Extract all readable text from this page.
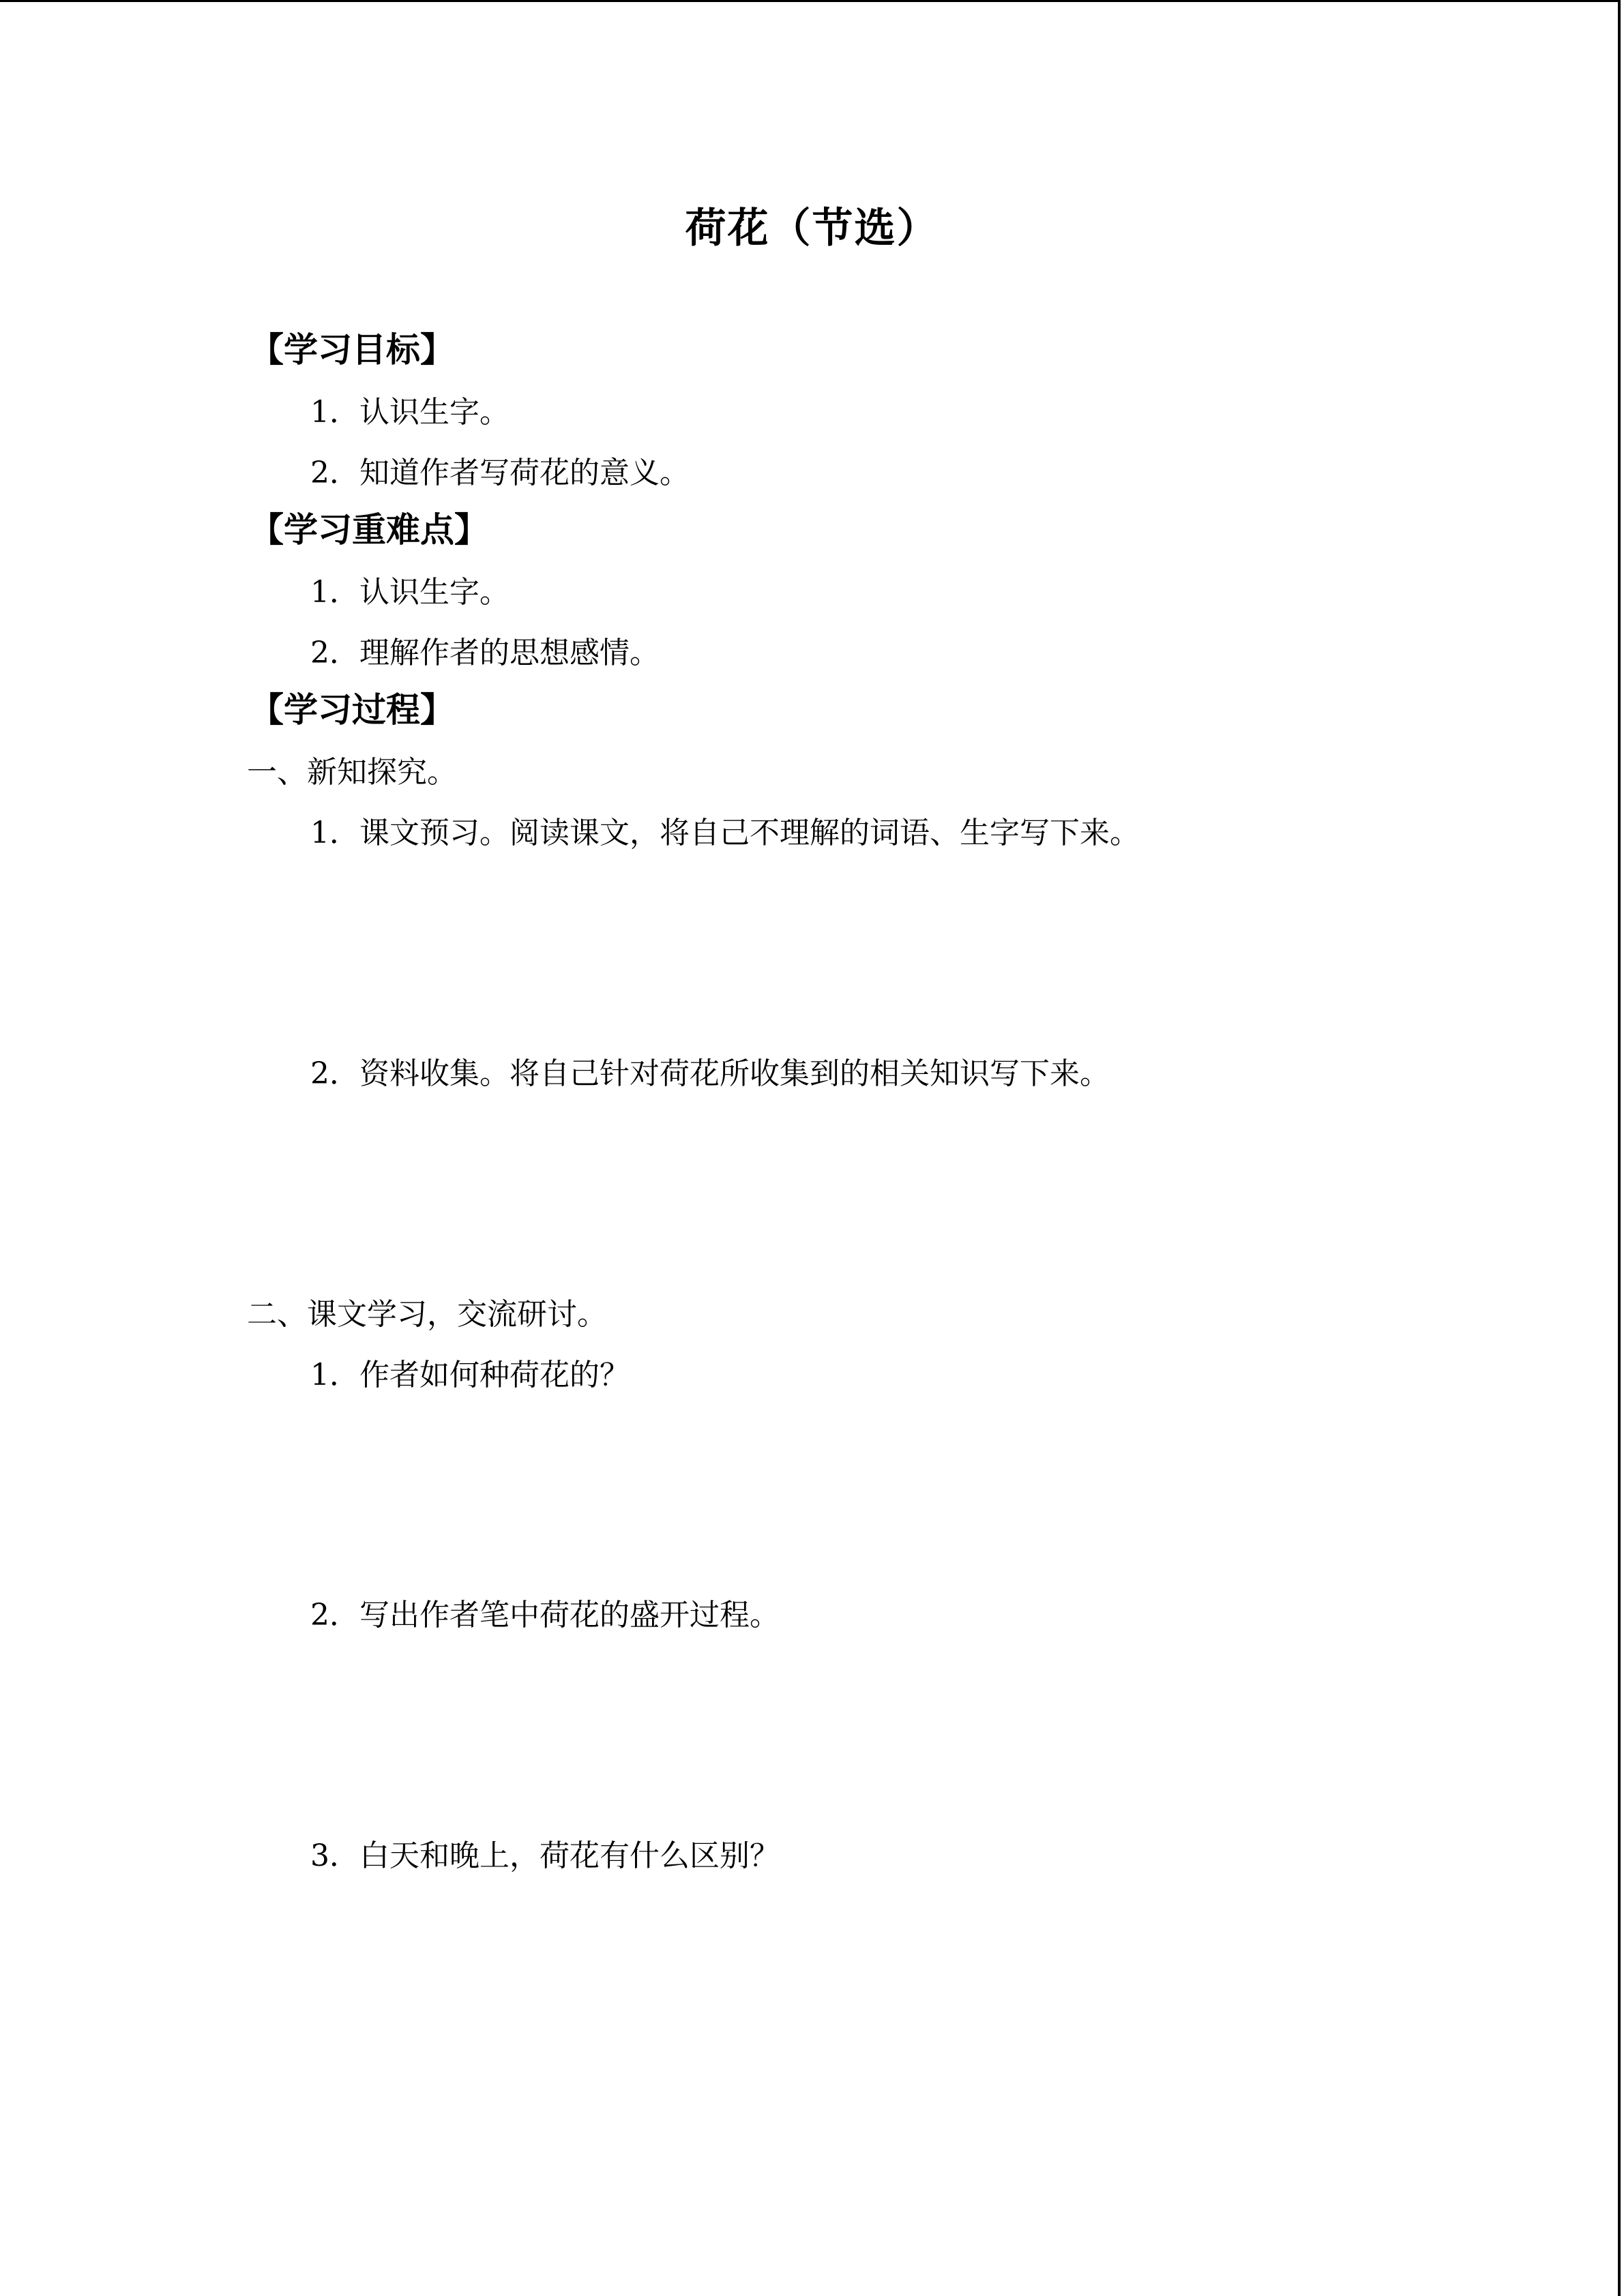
荷花（节选）
【学习目标】
1．认识生字。
2．知道作者写荷花的意义。
【学习重难点】
1．认识生字。
2．理解作者的思想感情。
【学习过程】
一、新知探究。
1．课文预习。阅读课文，将自己不理解的词语、生字写下来。
2．资料收集。将自己针对荷花所收集到的相关知识写下来。
二、课文学习，交流研讨。
1．作者如何种荷花的？
2．写出作者笔中荷花的盛开过程。
3．白天和晚上，荷花有什么区别？
